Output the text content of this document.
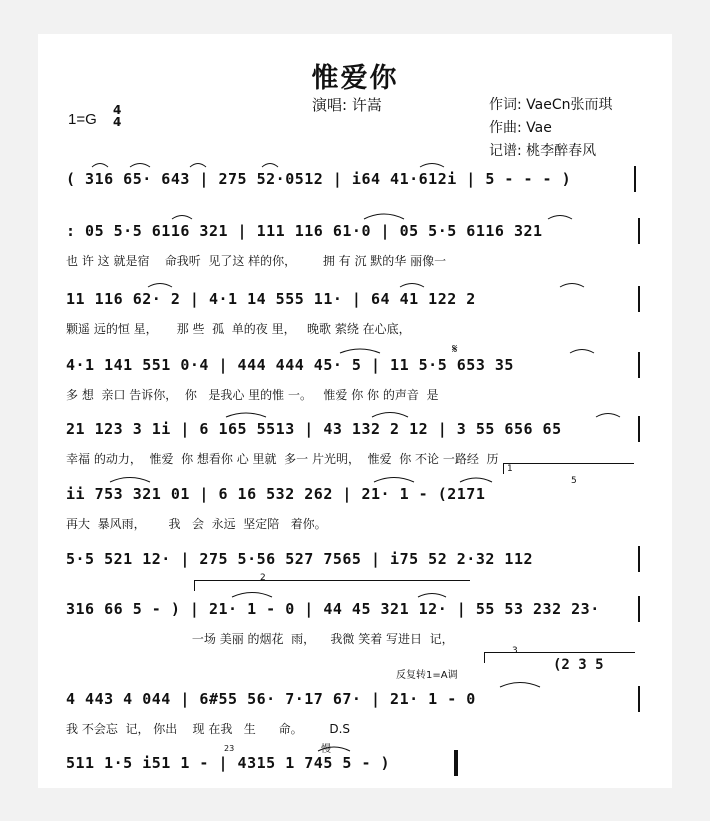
惟爱你
演唱: 许嵩
1=G
4
4
作词: VaeCn张而琪
作曲: Vae
记谱: 桃李醉春风
( 316 65· 643 | 275 52·0512 | i64 41·612i | 5 - - - )
: 05 5·5 6116 321 | 111 116 61·0 | 05 5·5 6116 321
也 许 这 就是宿    命我听  见了这 样的你，       拥 有 沉 默的华 丽像一
11 116 62· 2 | 4·1 14 555 11· | 64 41 122 2
颗遥 远的恒 星，     那 些  孤  单的夜 里，   晚歌 萦绕 在心底，
4·1 141 551 0·4 | 444 444 45· 5 | 11 5·5 653 35
多 想  亲口 告诉你，  你   是我心 里的惟 一。   惟爱 你 你 的声音  是
𝄋
21 123 3 1i | 6 165 5513 | 43 132 2 12 | 3 55 656 65
幸福 的动力，  惟爱  你 想看你 心 里就  多一 片光明，  惟爱  你 不论 一路经  历
1
5
ii 753 321 01 | 6 16 532 262 | 21· 1 - (2171
再大  暴风雨，      我   会  永远  坚定陪   着你。
5·5 521 12· | 275 5·56 527 7565 | i75 52 2·32 112
2
316 66 5 - ) | 21· 1 - 0 | 44 45 321 12· | 55 53 232 23·
一场 美丽 的烟花  雨，    我微 笑着 写进日  记，
反复转1=A调
3
(2 3 5
4 443 4 044 | 6#55 56· 7·17 67· | 21· 1 - 0
我 不会忘  记， 你出    现 在我   生      命。       D.S
23	慢
511 1·5 i51 1 - | 4315 1 745 5 - )
